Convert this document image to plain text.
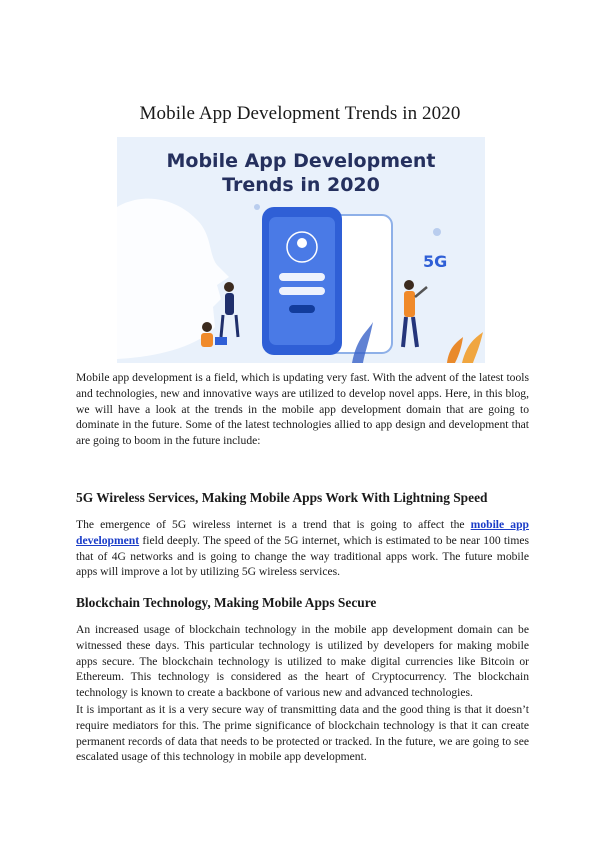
Mobile App Development Trends in 2020
Mobile App Development
Trends in 2020
5G

Mobile app development is a field, which is updating very fast. With the advent of the latest tools and technologies, new and innovative ways are utilized to develop novel apps. Here, in this blog, we will have a look at the trends in the mobile app development domain that are going to dominate in the future. Some of the latest technologies allied to app design and development that are going to boom in the future include:

5G Wireless Services, Making Mobile Apps Work With Lightning Speed

The emergence of 5G wireless internet is a trend that is going to affect the mobile app development field deeply. The speed of the 5G internet, which is estimated to be near 100 times that of 4G networks and is going to change the way traditional apps work. The future mobile apps will improve a lot by utilizing 5G wireless services.

Blockchain Technology, Making Mobile Apps Secure

An increased usage of blockchain technology in the mobile app development domain can be witnessed these days. This particular technology is utilized by developers for making mobile apps secure. The blockchain technology is utilized to make digital currencies like Bitcoin or Ethereum. This technology is considered as the heart of Cryptocurrency. The blockchain technology is known to create a backbone of various new and advanced technologies.

It is important as it is a very secure way of transmitting data and the good thing is that it doesn’t require mediators for this. The prime significance of blockchain technology is that it can create permanent records of data that needs to be protected or tracked. In the future, we are going to see escalated usage of this technology in mobile app development.
